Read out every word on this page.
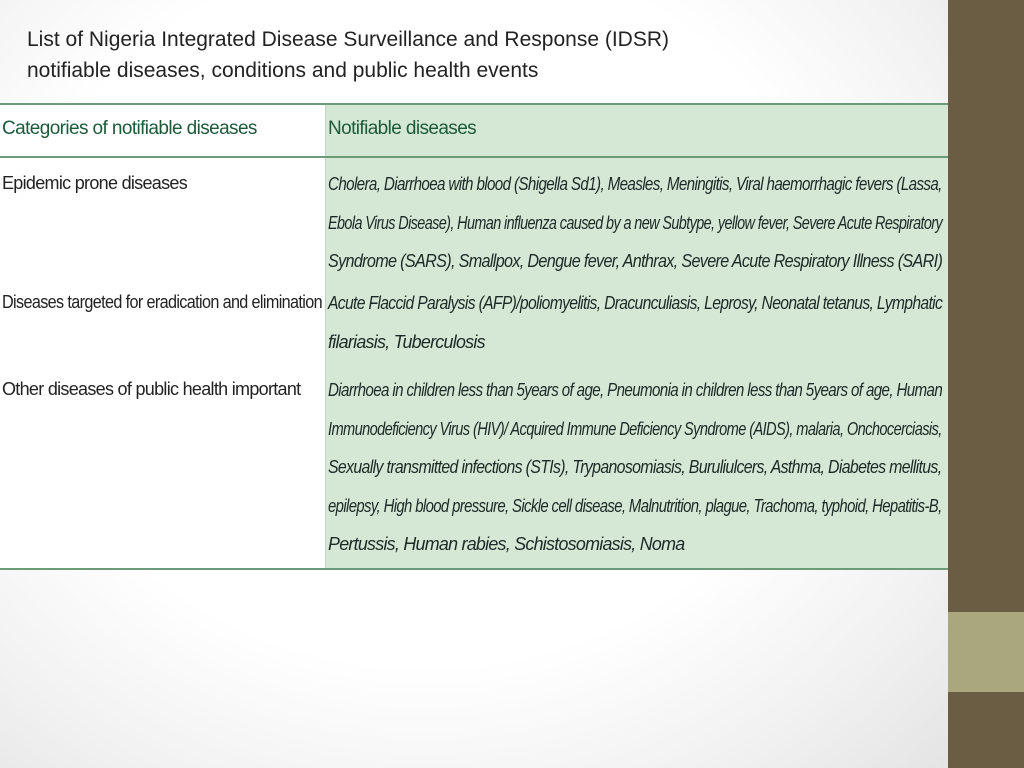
List of Nigeria Integrated Disease Surveillance and Response (IDSR)
notifiable diseases, conditions and public health events
Categories of notifiable diseases	Notifiable diseases
Epidemic prone diseases	Cholera, Diarrhoea with blood (Shigella Sd1), Measles, Meningitis, Viral haemorrhagic fevers (Lassa,
Ebola Virus Disease), Human influenza caused by a new Subtype, yellow fever, Severe Acute Respiratory
Syndrome (SARS), Smallpox, Dengue fever, Anthrax, Severe Acute Respiratory Illness (SARI)
Diseases targeted for eradication and elimination Acute Flaccid Paralysis (AFP)/poliomyelitis, Dracunculiasis, Leprosy, Neonatal tetanus, Lymphatic
filariasis, Tuberculosis
Other diseases of public health important Diarrhoea in children less than 5years of age, Pneumonia in children less than 5years of age, Human
Immunodeficiency Virus (HIV)/ Acquired Immune Deficiency Syndrome (AIDS), malaria, Onchocerciasis,
Sexually transmitted infections (STIs), Trypanosomiasis, Buruliulcers, Asthma, Diabetes mellitus,
epilepsy, High blood pressure, Sickle cell disease, Malnutrition, plague, Trachoma, typhoid, Hepatitis-B,
Pertussis, Human rabies, Schistosomiasis, Noma
